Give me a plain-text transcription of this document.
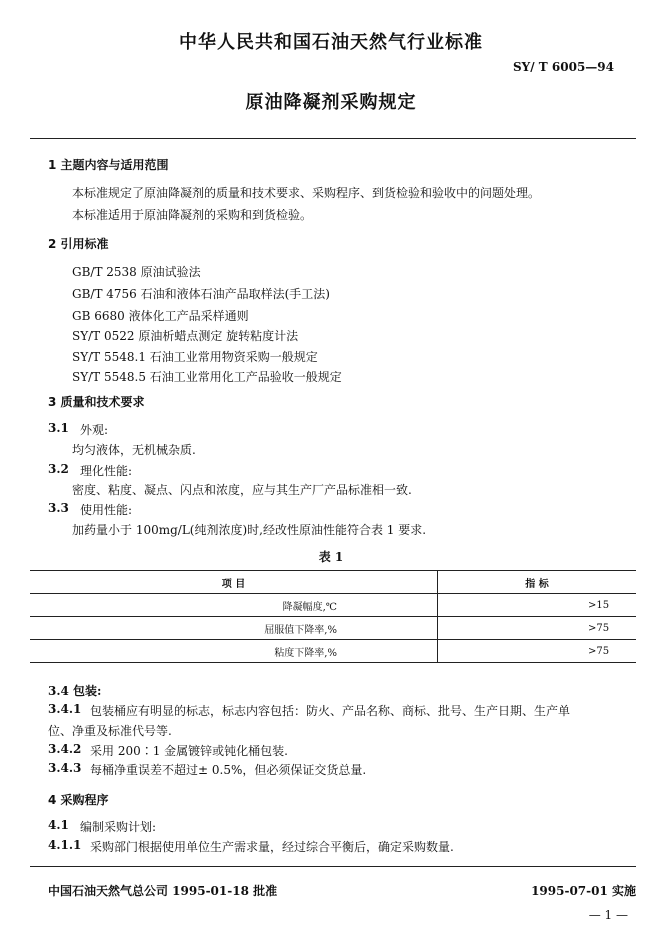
中华人民共和国石油天然气行业标准
SY/ T 6005—94
原油降凝剂采购规定
1 主题内容与适用范围
本标准规定了原油降凝剂的质量和技术要求、采购程序、到货检验和验收中的问题处理。
本标准适用于原油降凝剂的采购和到货检验。
2 引用标准
GB/T 2538 原油试验法
GB/T 4756 石油和液体石油产品取样法(手工法)
GB 6680 液体化工产品采样通则
SY/T 0522 原油析蜡点测定 旋转粘度计法
SY/T 5548.1 石油工业常用物资采购一般规定
SY/T 5548.5 石油工业常用化工产品验收一般规定
3 质量和技术要求
3.1 外观:
均匀液体，无机械杂质.
3.2 理化性能:
密度、粘度、凝点、闪点和浓度，应与其生产厂产品标准相一致.
3.3 使用性能:
加药量小于 100mg/L(纯剂浓度)时,经改性原油性能符合表 1 要求.
表 1
项 目	指 标
降凝幅度,℃	>15
屈服值下降率,%	>75
粘度下降率,%	>75
3.4 包装:
3.4.1 包装桶应有明显的标志，标志内容包括：防火、产品名称、商标、批号、生产日期、生产单
位、净重及标准代号等.
3.4.2 采用 200∶1 金属镀锌或钝化桶包装.
3.4.3 每桶净重误差不超过± 0.5%，但必须保证交货总量.
4 采购程序
4.1 编制采购计划:
4.1.1 采购部门根据使用单位生产需求量，经过综合平衡后，确定采购数量.
中国石油天然气总公司 1995-01-18 批准	1995-07-01 实施
— 1 —
